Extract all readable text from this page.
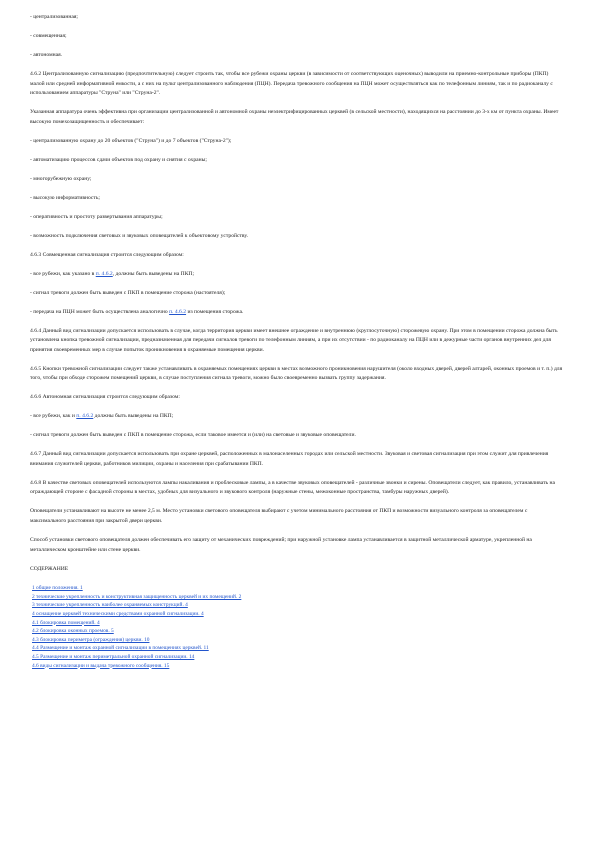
- централизованная;
- совмещенная;
- автономная.
4.6.2 Централизованную сигнализацию (предпочтительную) следует строить так, чтобы все рубежи охраны церкви (в зависимости от соответствующих оценочных) выводили на приемно-контрольные приборы (ПКП) малой или средней информативной емкости, а с них на пульт централизованного наблюдения (ПЦН). Передача тревожного сообщения на ПЦН может осуществляться как по телефонным линиям, так и по радиоканалу с использованием аппаратуры "Струна" или "Струна-2".
Указанная аппаратура очень эффективна при организации централизованной и автономной охраны неэлектрифицированных церквей (в сельской местности), находящихся на расстоянии до 3-х км от пункта охраны. Имеет высокую помехозащищенность и обеспечивает:
- централизованную охрану до 20 объектов ("Струна") и до 7 объектов ("Струна-2");
- автоматизацию процессов сдачи объектов под охрану и снятия с охраны;
- многорубежную охрану;
- высокую информативность;
- оперативность и простоту развертывания аппаратуры;
- возможность подключения световых и звуковых оповещателей к объектовому устройству.
4.6.3 Совмещенная сигнализация строится следующим образом:
- все рубежи, как указано в п. 4.6.2, должны быть выведены на ПКП;
- сигнал тревоги должен быть выведен с ПКП в помещение сторожа (настоятеля);
- передача на ПЦН может быть осуществлена аналогично п. 4.6.2 из помещения сторожа.
4.6.4 Данный вид сигнализации допускается использовать в случае, когда территория церкви имеет внешнее ограждение и внутреннюю (круглосуточную) сторожевую охрану. При этом в помещении сторожа должна быть установлена кнопка тревожной сигнализации, предназначенная для передачи сигналов тревоги по телефонным линиям, а при их отсутствии - по радиоканалу на ПЦН или в дежурные части органов внутренних дел для принятия своевременных мер в случае попыток проникновения в охраняемые помещения церкви.
4.6.5 Кнопки тревожной сигнализации следует также устанавливать в охраняемых помещениях церкви в местах возможного проникновения нарушителя (около входных дверей, дверей алтарей, оконных проемов и т. п.) для того, чтобы при обходе сторожем помещений церкви, в случае поступления сигнала тревоги, можно было своевременно вызвать группу задержания.
4.6.6 Автономная сигнализация строится следующим образом:
- все рубежи, как и п. 4.6.2 должны быть выведены на ПКП;
- сигнал тревоги должен быть выведен с ПКП в помещение сторожа, если таковое имеется и (или) на световые и звуковые оповещатели.
4.6.7 Данный вид сигнализации допускается использовать при охране церквей, расположенных в малонаселенных городах или сельской местности. Звуковая и световая сигнализация при этом служит для привлечения внимания служителей церкви, работников милиции, охраны и населения при срабатывании ПКП.
4.6.8 В качестве световых оповещателей используются лампы накаливания и проблесковые лампы, а в качестве звуковых оповещателей - различные звонки и сирены. Оповещатели следует, как правило, устанавливать на ограждающей стороне с фасадной стороны в местах, удобных для визуального и звукового контроля (наружные стены, межоконные пространства, тамбуры наружных дверей).
Оповещатели устанавливают на высоте не менее 2,5 м. Место установки светового оповещателя выбирают с учетом минимального расстояния от ПКП и возможности визуального контроля за оповещателем с максимального расстояния при закрытой двери церкви.
Способ установки светового оповещателя должен обеспечивать его защиту от механических повреждений; при наружной установке лампа устанавливается в защитной металлической арматуре, укрепленной на металлическом кронштейне или стене церкви.
СОДЕРЖАНИЕ
1 общие положения. 1
2 технические укрепленность и конструктивная защищенность церквей и их помещений. 2
3 технические укрепленность наиболее охраняемых конструкций. 4
4 оснащение церквей техническими средствами охранной сигнализации. 4
4.1 блокировка помещений. 4
4.2 блокировка оконных проемов. 5
4.3 блокировка периметра (ограждения) церкви. 10
4.4 Размещение и монтаж охранной сигнализации в помещениях церквей. 11
4.5 Размещение и монтаж периметральной охранной сигнализации. 14
4.6 виды сигнализации и выдача тревожного сообщения. 15
